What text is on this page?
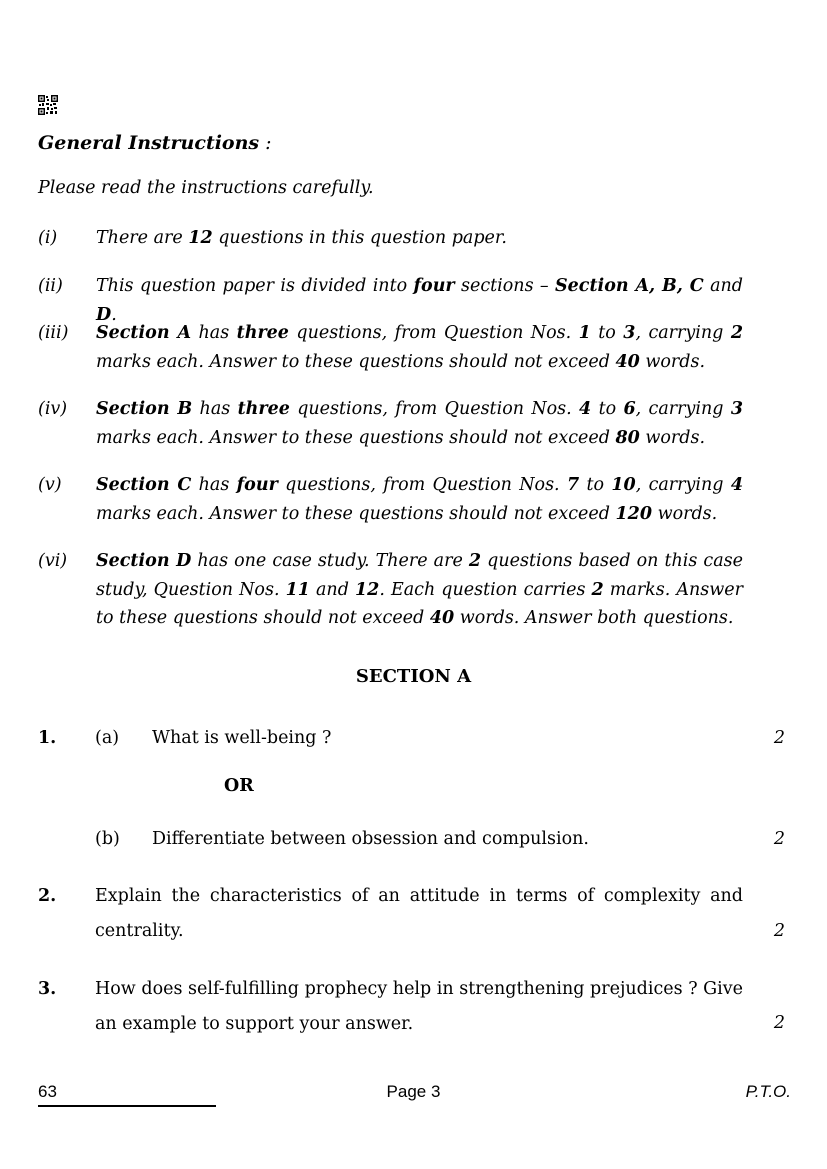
General Instructions :
Please read the instructions carefully.
(i) There are 12 questions in this question paper.
(ii) This question paper is divided into four sections – Section A, B, C and D.
(iii) Section A has three questions, from Question Nos. 1 to 3, carrying 2 marks each. Answer to these questions should not exceed 40 words.
(iv) Section B has three questions, from Question Nos. 4 to 6, carrying 3 marks each. Answer to these questions should not exceed 80 words.
(v) Section C has four questions, from Question Nos. 7 to 10, carrying 4 marks each. Answer to these questions should not exceed 120 words.
(vi) Section D has one case study. There are 2 questions based on this case study, Question Nos. 11 and 12. Each question carries 2 marks. Answer to these questions should not exceed 40 words. Answer both questions.
SECTION A
1. (a) What is well-being ?	2
OR
(b) Differentiate between obsession and compulsion.	2
2. Explain the characteristics of an attitude in terms of complexity and centrality.	2
3. How does self-fulfilling prophecy help in strengthening prejudices ? Give an example to support your answer.	2
63	Page 3	P.T.O.
